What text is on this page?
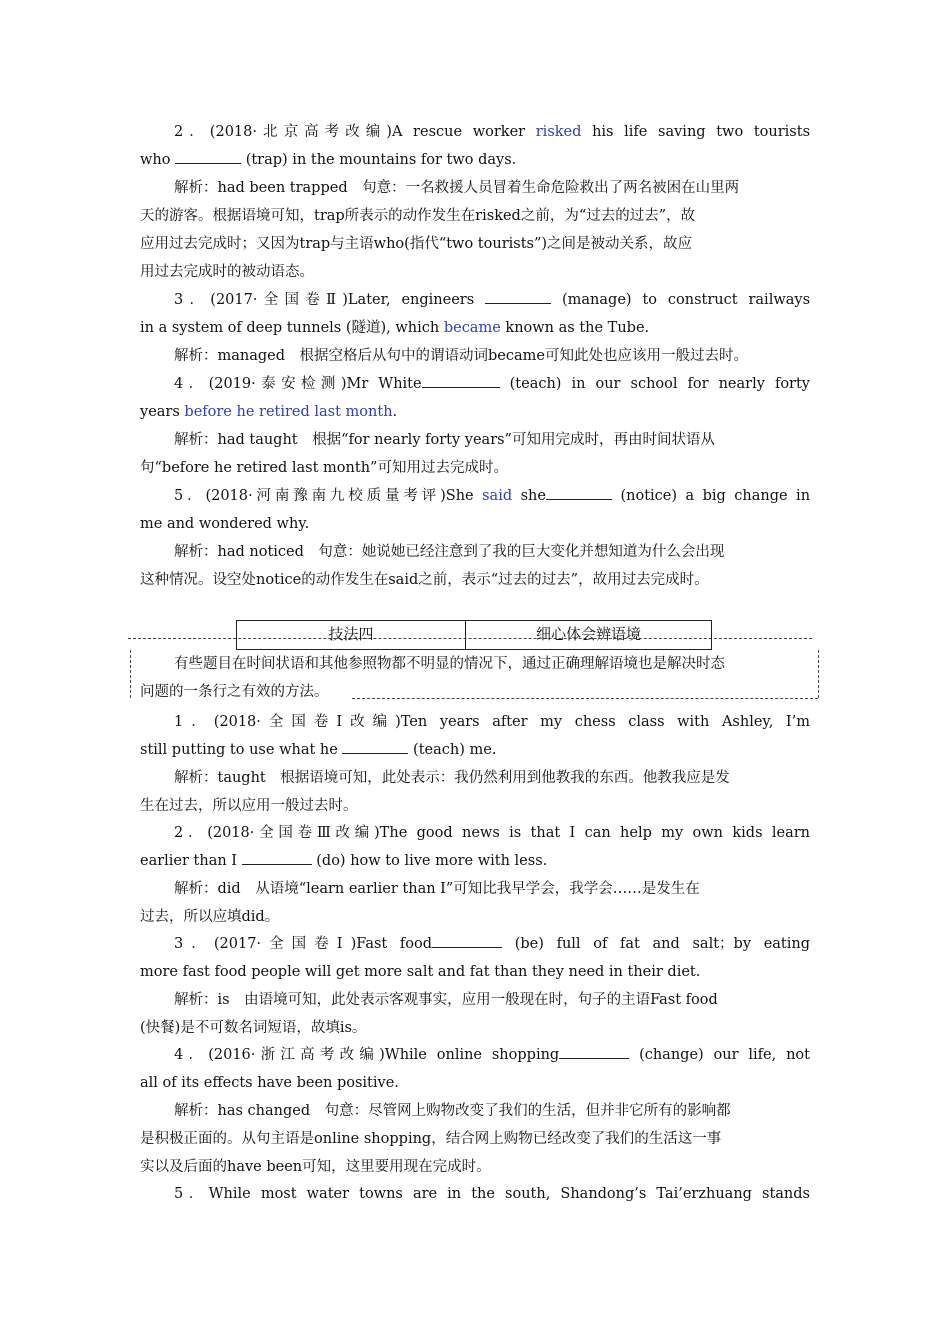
2．(2018·北京高考改编)A rescue worker risked his life saving two tourists
who	(trap) in the mountains for two days.
解析：had been trapped　句意：一名救援人员冒着生命危险救出了两名被困在山里两
天的游客。根据语境可知，trap所表示的动作发生在risked之前，为“过去的过去”，故
应用过去完成时；又因为trap与主语who(指代“two tourists”)之间是被动关系，故应
用过去完成时的被动语态。
3．(2017·全国卷Ⅱ)Later, engineers	(manage) to construct railways
in a system of deep tunnels (隧道), which became known as the Tube.
解析：managed　根据空格后从句中的谓语动词became可知此处也应该用一般过去时。
4．(2019·泰安检测)Mr White	(teach) in our school for nearly forty
years before he retired last month.
解析：had taught　根据“for nearly forty years”可知用完成时，再由时间状语从
句“before he retired last month”可知用过去完成时。
5．(2018·河南豫南九校质量考评)She said she	(notice) a big change in
me and wondered why.
解析：had noticed　句意：她说她已经注意到了我的巨大变化并想知道为什么会出现
这种情况。设空处notice的动作发生在said之前，表示“过去的过去”，故用过去完成时。
技法四	细心体会辨语境
有些题目在时间状语和其他参照物都不明显的情况下，通过正确理解语境也是解决时态
问题的一条行之有效的方法。
1．(2018·全国卷Ⅰ改编)Ten years after my chess class with Ashley, I’m
still putting to use what he	(teach) me.
解析：taught　根据语境可知，此处表示：我仍然利用到他教我的东西。他教我应是发
生在过去，所以应用一般过去时。
2．(2018·全国卷Ⅲ改编)The good news is that I can help my own kids learn
earlier than I	(do) how to live more with less.
解析：did　从语境“learn earlier than I”可知比我早学会，我学会……是发生在
过去，所以应填did。
3．(2017·全国卷Ⅰ)Fast food	(be) full of fat and salt；by eating
more fast food people will get more salt and fat than they need in their diet.
解析：is　由语境可知，此处表示客观事实，应用一般现在时，句子的主语Fast food
(快餐)是不可数名词短语，故填is。
4．(2016·浙江高考改编)While online shopping	(change) our life, not
all of its effects have been positive.
解析：has changed　句意：尽管网上购物改变了我们的生活，但并非它所有的影响都
是积极正面的。从句主语是online shopping，结合网上购物已经改变了我们的生活这一事
实以及后面的have been可知，这里要用现在完成时。
5．While most water towns are in the south, Shandong’s Tai’erzhuang stands
